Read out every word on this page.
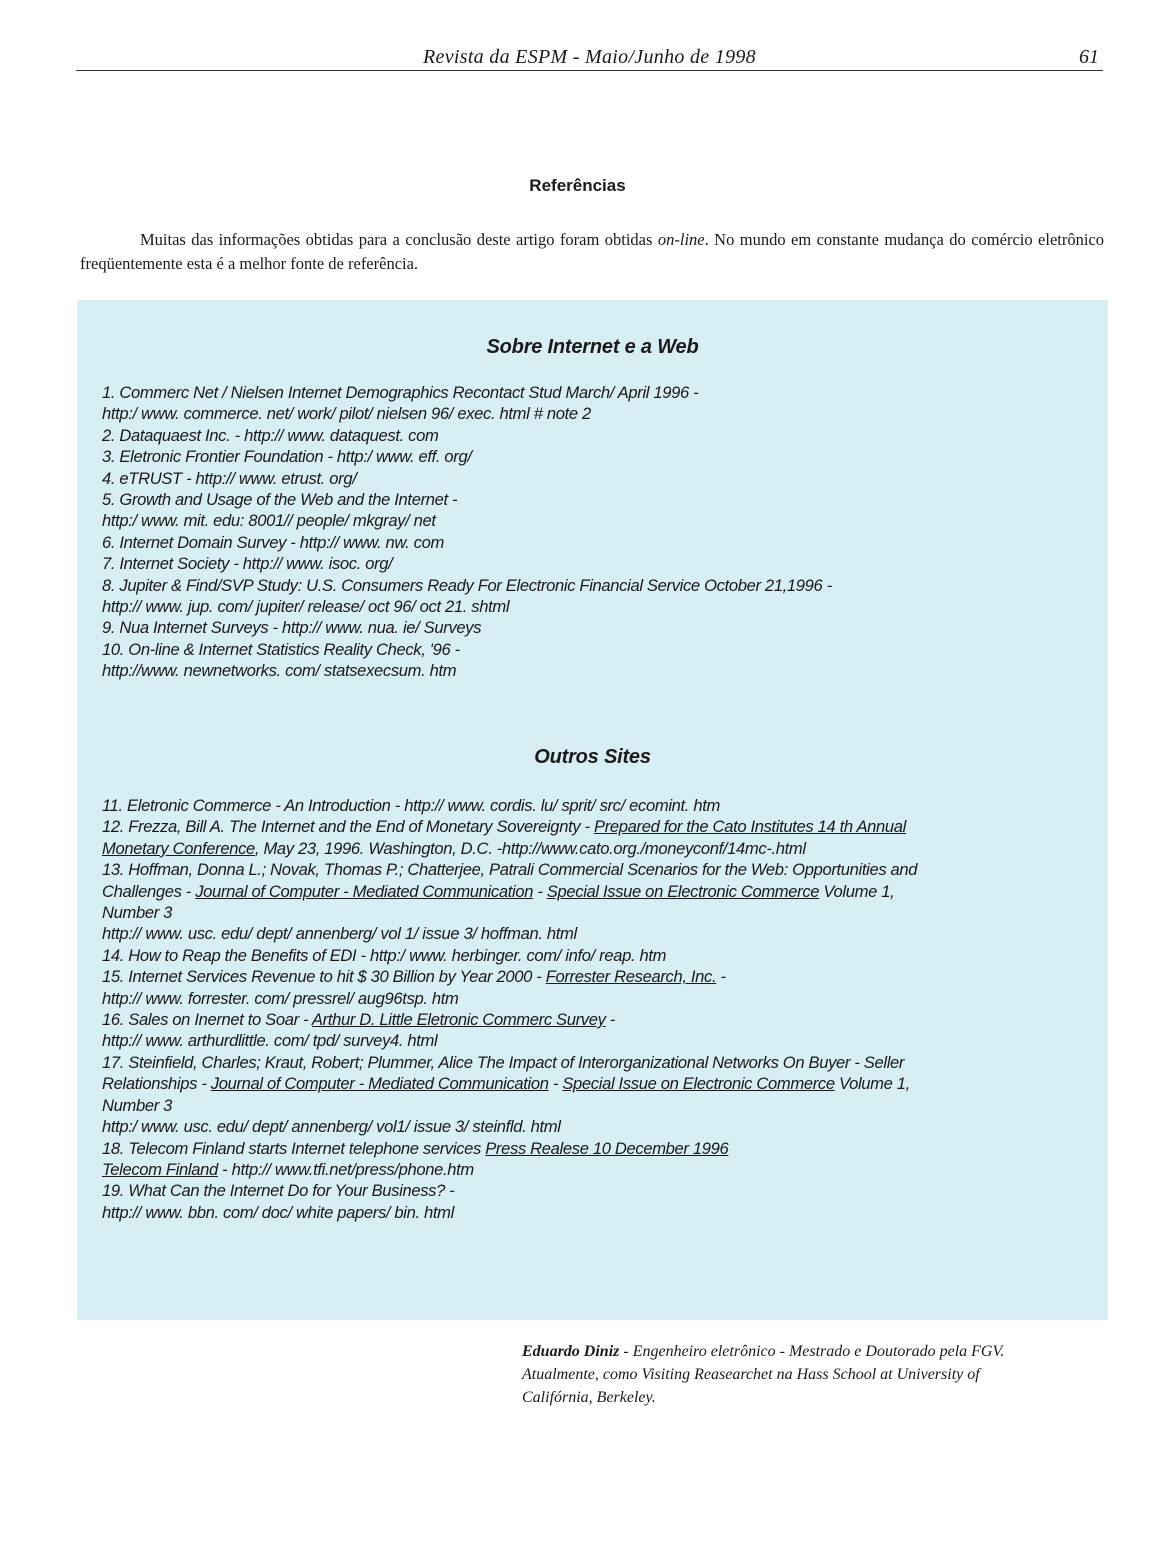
Revista da ESPM - Maio/Junho de 1998	61
Referências
Muitas das informações obtidas para a conclusão deste artigo foram obtidas on-line. No mundo em constante mudança do comércio eletrônico freqüentemente esta é a melhor fonte de referência.
Sobre Internet e a Web
1. Commerc Net / Nielsen Internet Demographics Recontact Stud March/ April 1996 -
http:/ www. commerce. net/ work/ pilot/ nielsen 96/ exec. html # note 2
2. Dataquaest Inc. - http:// www. dataquest. com
3. Eletronic Frontier Foundation - http:/ www. eff. org/
4. eTRUST - http:// www. etrust. org/
5. Growth and Usage of the Web and the Internet -
http:/ www. mit. edu: 8001// people/ mkgray/ net
6. Internet Domain Survey - http:// www. nw. com
7. Internet Society - http:// www. isoc. org/
8. Jupiter & Find/SVP Study: U.S. Consumers Ready For Electronic Financial Service October 21,1996 -
http:// www. jup. com/ jupiter/ release/ oct 96/ oct 21. shtml
9. Nua Internet Surveys - http:// www. nua. ie/ Surveys
10. On-line & Internet Statistics Reality Check, '96 -
http://www. newnetworks. com/ statsexecsum. htm
Outros Sites
11. Eletronic Commerce - An Introduction - http:// www. cordis. lu/ sprit/ src/ ecomint. htm
12. Frezza, Bill A. The Internet and the End of Monetary Sovereignty - Prepared for the Cato Institutes 14 th Annual
Monetary Conference, May 23, 1996. Washington, D.C. -http://www.cato.org./moneyconf/14mc-.html
13. Hoffman, Donna L.; Novak, Thomas P.; Chatterjee, Patrali Commercial Scenarios for the Web: Opportunities and
Challenges - Journal of Computer - Mediated Communication - Special Issue on Electronic Commerce Volume 1,
Number 3
http:// www. usc. edu/ dept/ annenberg/ vol 1/ issue 3/ hoffman. html
14. How to Reap the Benefits of EDI - http:/ www. herbinger. com/ info/ reap. htm
15. Internet Services Revenue to hit $ 30 Billion by Year 2000 - Forrester Research, Inc. -
http:// www. forrester. com/ pressrel/ aug96tsp. htm
16. Sales on Inernet to Soar - Arthur D. Little Eletronic Commerc Survey -
http:// www. arthurdlittle. com/ tpd/ survey4. html
17. Steinfield, Charles; Kraut, Robert; Plummer, Alice The Impact of Interorganizational Networks On Buyer - Seller
Relationships - Journal of Computer - Mediated Communication - Special Issue on Electronic Commerce Volume 1,
Number 3
http:/ www. usc. edu/ dept/ annenberg/ vol1/ issue 3/ steinfld. html
18. Telecom Finland starts Internet telephone services Press Realese 10 December 1996
Telecom Finland - http:// www.tfi.net/press/phone.htm
19. What Can the Internet Do for Your Business? -
http:// www. bbn. com/ doc/ white papers/ bin. html
Eduardo Diniz - Engenheiro eletrônico - Mestrado e Doutorado pela FGV.
Atualmente, como Visiting Reasearchet na Hass School at University of
Califórnia, Berkeley.
